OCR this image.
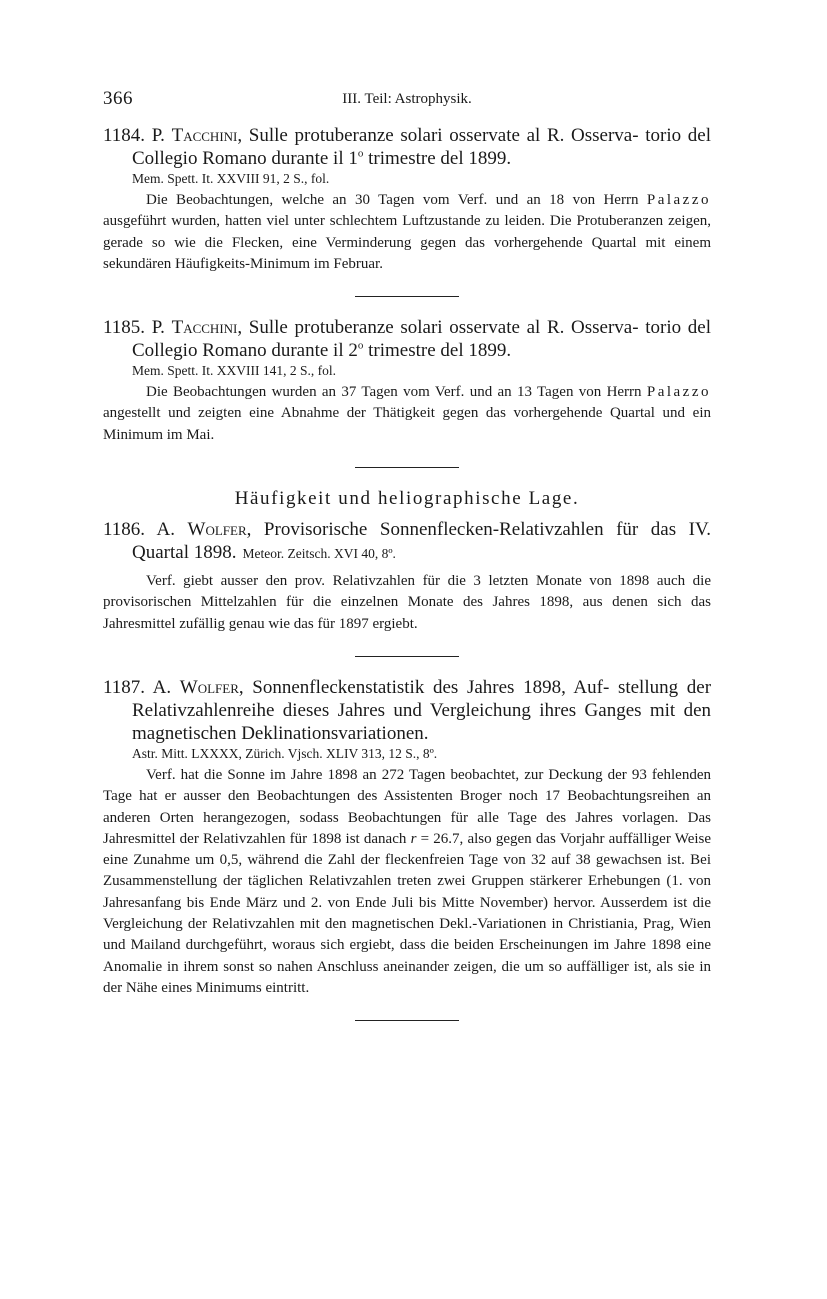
366	III. Teil: Astrophysik.
1184. P. Tacchini, Sulle protuberanze solari osservate al R. Osserva- torio del Collegio Romano durante il 1$^o$ trimestre del 1899.
Mem. Spett. It. XXVIII 91, 2 S., fol.
Die Beobachtungen, welche an 30 Tagen vom Verf. und an 18 von Herrn Palazzo ausgeführt wurden, hatten viel unter schlechtem Luftzustande zu leiden. Die Protuberanzen zeigen, gerade so wie die Flecken, eine Verminderung gegen das vorhergehende Quartal mit einem sekundären Häufigkeits-Minimum im Februar.
1185. P. Tacchini, Sulle protuberanze solari osservate al R. Osserva- torio del Collegio Romano durante il 2$^o$ trimestre del 1899.
Mem. Spett. It. XXVIII 141, 2 S., fol.
Die Beobachtungen wurden an 37 Tagen vom Verf. und an 13 Tagen von Herrn Palazzo angestellt und zeigten eine Abnahme der Thätigkeit gegen das vorhergehende Quartal und ein Minimum im Mai.
Häufigkeit und heliographische Lage.
1186. A. Wolfer, Provisorische Sonnenflecken-Relativzahlen für das IV. Quartal 1898. Meteor. Zeitsch. XVI 40, 8º.
Verf. giebt ausser den prov. Relativzahlen für die 3 letzten Monate von 1898 auch die provisorischen Mittelzahlen für die einzelnen Monate des Jahres 1898, aus denen sich das Jahresmittel zufällig genau wie das für 1897 ergiebt.
1187. A. Wolfer, Sonnenfleckenstatistik des Jahres 1898, Auf- stellung der Relativzahlenreihe dieses Jahres und Vergleichung ihres Ganges mit den magnetischen Deklinationsvariationen.
Astr. Mitt. LXXXX, Zürich. Vjsch. XLIV 313, 12 S., 8º.
Verf. hat die Sonne im Jahre 1898 an 272 Tagen beobachtet, zur Deckung der 93 fehlenden Tage hat er ausser den Beobachtungen des Assistenten Broger noch 17 Beobachtungsreihen an anderen Orten herangezogen, sodass Beobachtungen für alle Tage des Jahres vorlagen. Das Jahresmittel der Relativzahlen für 1898 ist danach r = 26.7, also gegen das Vorjahr auffälliger Weise eine Zunahme um 0,5, während die Zahl der fleckenfreien Tage von 32 auf 38 gewachsen ist. Bei Zusammenstellung der täglichen Relativzahlen treten zwei Gruppen stärkerer Erhebungen (1. von Jahresanfang bis Ende März und 2. von Ende Juli bis Mitte November) hervor. Ausserdem ist die Vergleichung der Relativzahlen mit den magnetischen Dekl.-Variationen in Christiania, Prag, Wien und Mailand durchgeführt, woraus sich ergiebt, dass die beiden Erscheinungen im Jahre 1898 eine Anomalie in ihrem sonst so nahen Anschluss aneinander zeigen, die um so auffälliger ist, als sie in der Nähe eines Minimums eintritt.
